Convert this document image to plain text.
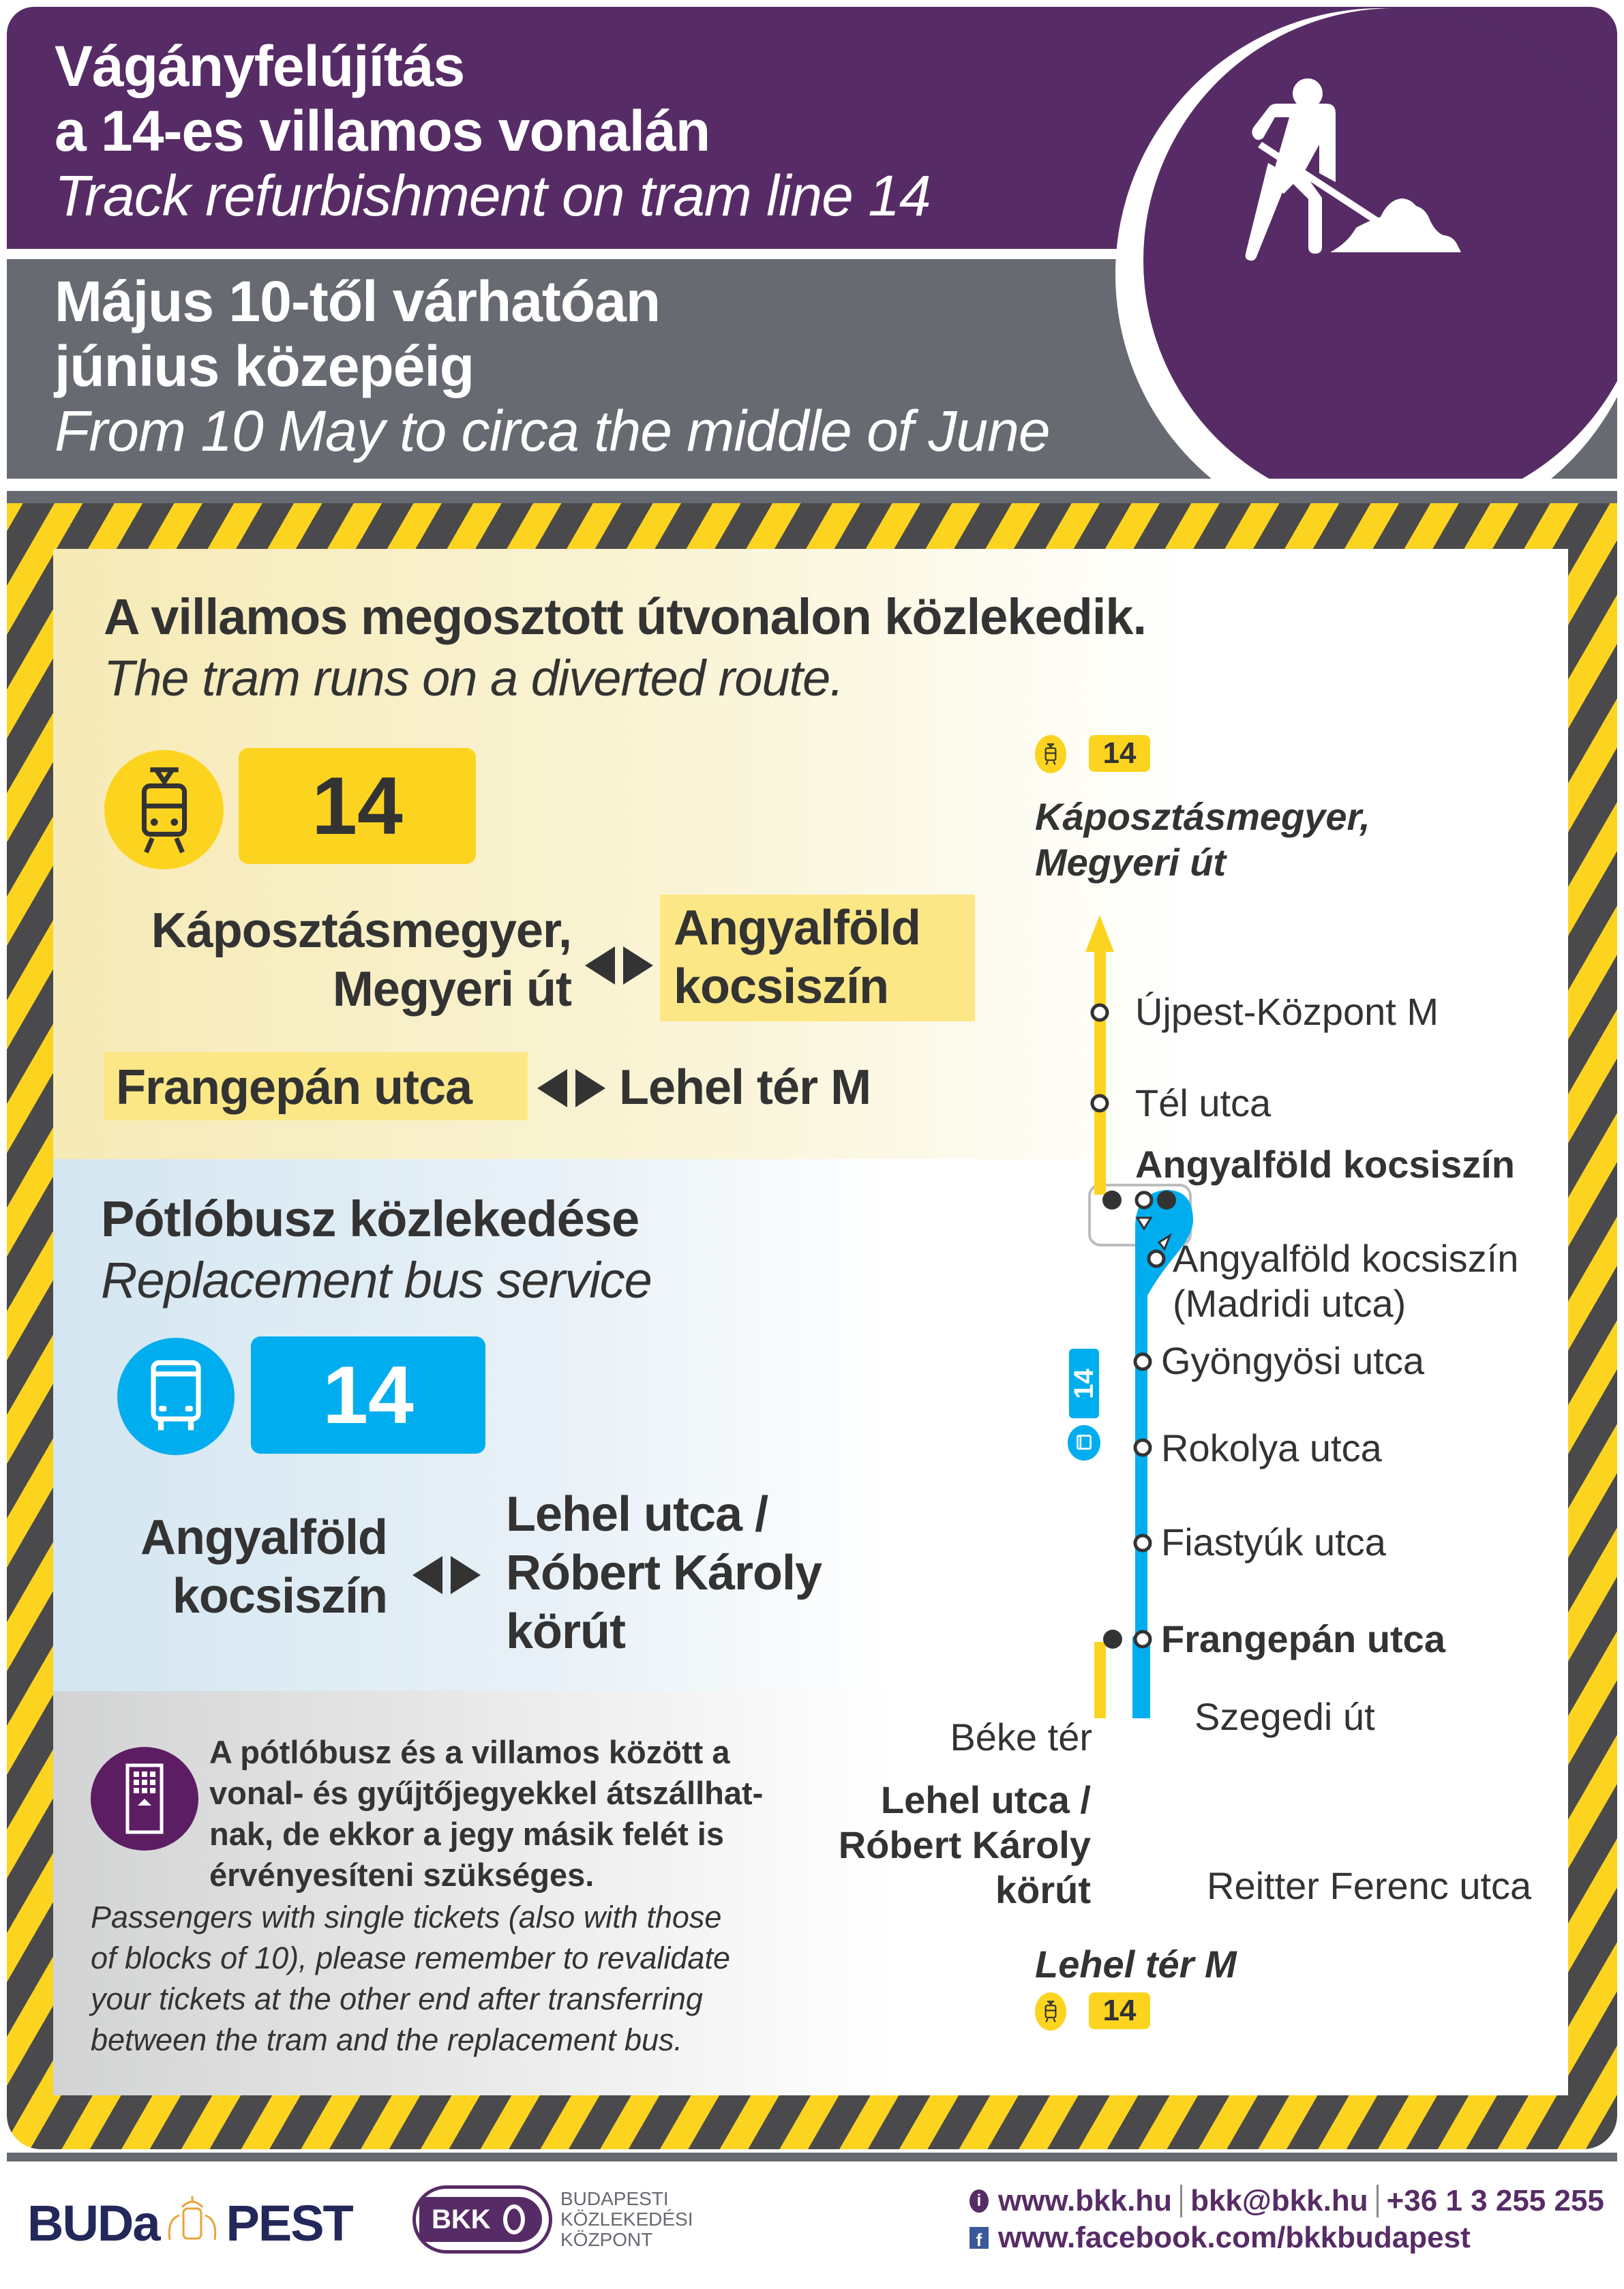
Vágányfelújítás
a 14-es villamos vonalán
Track refurbishment on tram line 14
Május 10-től várhatóan
június közepéig
From 10 May to circa the middle of June
A villamos megosztott útvonalon közlekedik.
The tram runs on a diverted route.
14
Káposztásmegyer,
Megyeri út
Angyalföld
kocsiszín
Frangepán utca	Lehel tér M
Pótlóbusz közlekedése
Replacement bus service
14
Angyalföld
kocsiszín
Lehel utca /
Róbert Károly
körút
A pótlóbusz és a villamos között a
vonal- és gyűjtőjegyekkel átszállhat-
nak, de ekkor a jegy másik felét is
érvényesíteni szükséges.
Passengers with single tickets (also with those
of blocks of 10), please remember to revalidate
your tickets at the other end after transferring
between the tram and the replacement bus.
14
Káposztásmegyer,
Megyeri út
14
Újpest-Központ M
Tél utca
Angyalföld kocsiszín
Angyalföld kocsiszín
(Madridi utca)
Gyöngyösi utca
Rokolya utca
Fiastyúk utca
Frangepán utca
Béke tér	Szegedi út
Lehel utca /
Róbert Károly
körút	Reitter Ferenc utca
Lehel tér M
14
BUDa PEST	BKK
BUDAPESTI
KÖZLEKEDÉSI
KÖZPONT
i www.bkk.hu bkk@bkk.hu +36 1 3 255 255
f www.facebook.com/bkkbudapest
